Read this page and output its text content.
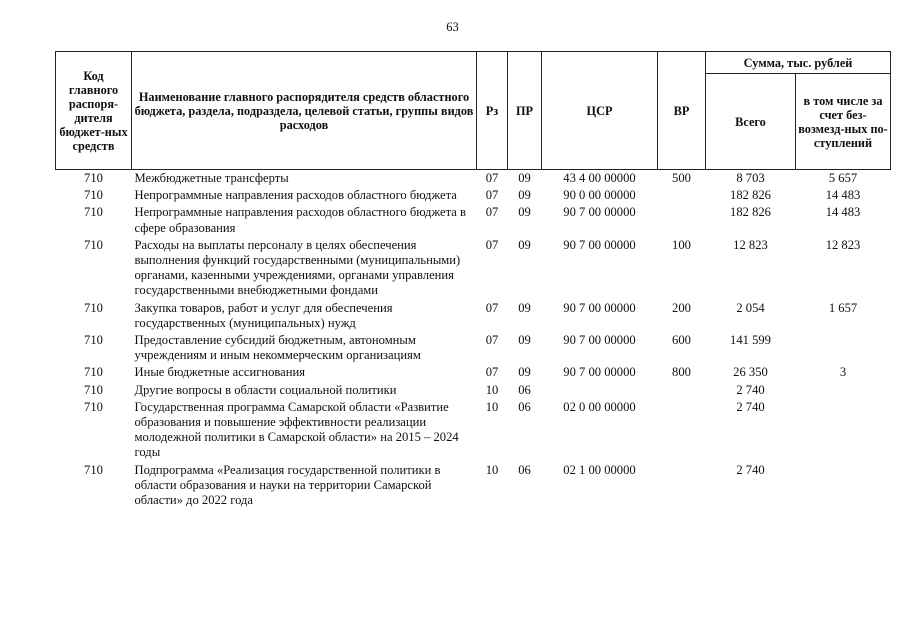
63
Код главного распоря-дителя бюджет-ных средств	Наименование главного распорядителя средств областного бюджета, раздела, подраздела, целевой статьи, группы видов расходов	Рз	ПР	ЦСР	ВР	Сумма, тыс. рублей	
						Всего	в том числе за счет без-возмезд-ных по-ступлений
710	Межбюджетные трансферты	07	09	43 4 00 00000	500	8 703	5 657
710	Непрограммные направления расходов областного бюджета	07	09	90 0 00 00000		182 826	14 483
710	Непрограммные направления расходов областного бюджета в сфере образования	07	09	90 7 00 00000		182 826	14 483
710	Расходы на выплаты персоналу в целях обеспечения выполнения функций государственными (муниципальными) органами, казенными учреждениями, органами управления государственными внебюджетными фондами	07	09	90 7 00 00000	100	12 823	12 823
710	Закупка товаров, работ и услуг для обеспечения государственных (муниципальных) нужд	07	09	90 7 00 00000	200	2 054	1 657
710	Предоставление субсидий бюджетным, автономным учреждениям и иным некоммерческим организациям	07	09	90 7 00 00000	600	141 599	
710	Иные бюджетные ассигнования	07	09	90 7 00 00000	800	26 350	3
710	Другие вопросы в области социальной политики	10	06			2 740	
710	Государственная программа Самарской области «Развитие образования и повышение эффективности реализации молодежной политики в Самарской области» на 2015 – 2024 годы	10	06	02 0 00 00000		2 740	
710	Подпрограмма «Реализация государственной политики в области образования и науки на территории Самарской области» до 2022 года	10	06	02 1 00 00000		2 740	
